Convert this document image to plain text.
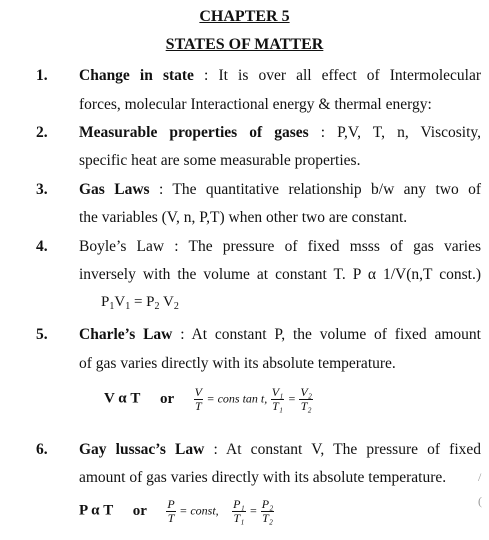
CHAPTER 5
STATES OF MATTER
1. Change in state : It is over all effect of Intermolecular
forces, molecular Interactional energy & thermal energy:
2. Measurable properties of gases : P,V, T, n, Viscosity,
specific heat are some measurable properties.
3. Gas Laws : The quantitative relationship b/w any two of
the variables (V, n, P,T) when other two are constant.
4. Boyle’s Law : The pressure of fixed msss of gas varies
inversely with the volume at constant T. P α 1/V(n,T const.)
$P_1V_1 = P_2$ $V_2$
5. Charle’s Law : At constant P, the volume of fixed amount
of gas varies directly with its absolute temperature.
V α T or $\frac{V}{T}$ = cons tan t, $\frac{\text{V₁}}{\text{T₁}} = \frac{\text{V₂}}{\text{T₂}}$
6. Gay lussac’s Law : At constant V, The pressure of fixed
amount of gas varies directly with its absolute temperature.
P α T or $\frac{P}{T}$ = const, $\frac{\text{P₁}}{\text{T₁}} = \frac{\text{P₂}}{\text{T₂}}$
/
(
